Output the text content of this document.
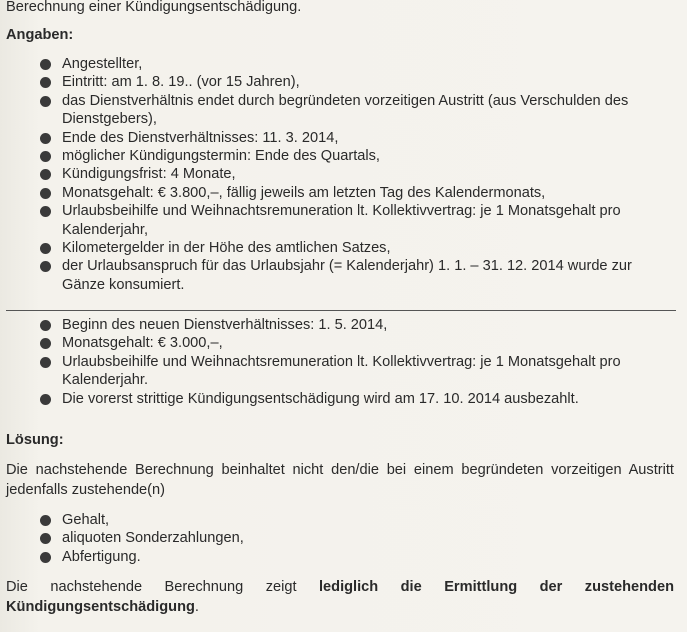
Berechnung einer Kündigungsentschädigung.
Angaben:
Angestellter,
Eintritt: am 1. 8. 19.. (vor 15 Jahren),
das Dienstverhältnis endet durch begründeten vorzeitigen Austritt (aus Verschulden des Dienstgebers),
Ende des Dienstverhältnisses: 11. 3. 2014,
möglicher Kündigungstermin: Ende des Quartals,
Kündigungsfrist: 4 Monate,
Monatsgehalt: € 3.800,–, fällig jeweils am letzten Tag des Kalendermonats,
Urlaubsbeihilfe und Weihnachtsremuneration lt. Kollektivvertrag: je 1 Monatsgehalt pro Kalenderjahr,
Kilometergelder in der Höhe des amtlichen Satzes,
der Urlaubsanspruch für das Urlaubsjahr (= Kalenderjahr) 1. 1. – 31. 12. 2014 wurde zur Gänze konsumiert.
Beginn des neuen Dienstverhältnisses: 1. 5. 2014,
Monatsgehalt: € 3.000,–,
Urlaubsbeihilfe und Weihnachtsremuneration lt. Kollektivvertrag: je 1 Monatsgehalt pro Kalenderjahr.
Die vorerst strittige Kündigungsentschädigung wird am 17. 10. 2014 ausbezahlt.
Lösung:
Die nachstehende Berechnung beinhaltet nicht den/die bei einem begründeten vorzeitigen Austritt jedenfalls zustehende(n)
Gehalt,
aliquoten Sonderzahlungen,
Abfertigung.
Die nachstehende Berechnung zeigt lediglich die Ermittlung der zustehenden Kündigungsentschädigung.
